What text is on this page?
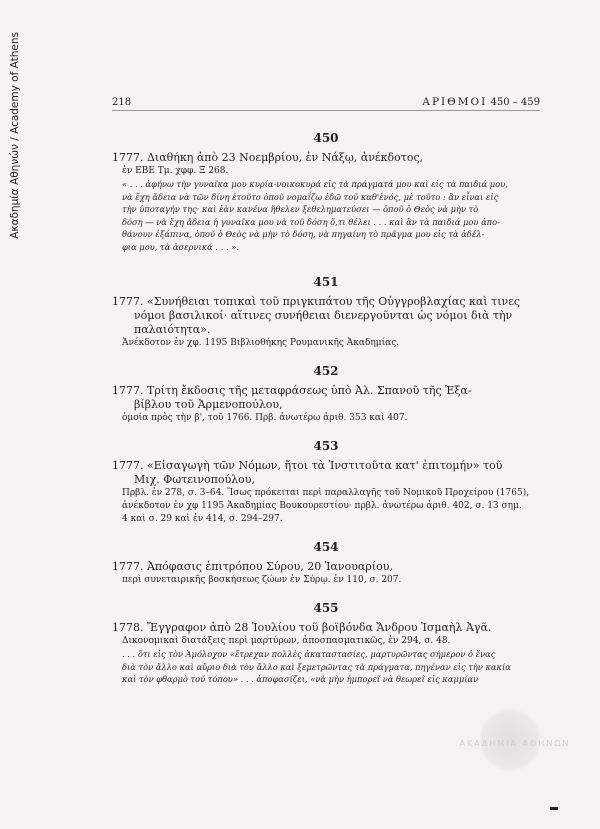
Ακαδημία Αθηνών / Academy of Athens	218	ΑΡΙΘΜΟΙ 450 – 459
450

1777. Διαθήκη ἀπὸ 23 Νοεμβρίου, ἐν Νάξῳ, ἀνέκδοτος,

ἐν ΕΒΕ Τμ. χφφ. Ξ 268.

« . . . ἀφήνω τὴν γυναῖκα μου κυρία-νοικοκυρά εἰς τὰ πράγματά μου καὶ εἰς τὰ παιδιά μου,

νὰ ἔχη ἄδεια νὰ τῶν δίνη ἐτοῦτο ὁποῦ νομαΐζω ἐδῶ τοῦ καθ'ἑνός, μὲ τοῦτο : ἂν εἶναι εἰς

τὴν ὑποταγήν της· καὶ ἐὰν κανένα ἤθελεν ξεθεληματεύσει — ὁποῦ ὁ Θεὸς νὰ μὴν τὸ

δόση — νὰ ἔχη ἄδεια ἡ γυναῖκα μου νὰ τοῦ δόση ὅ,τι θέλει . . . καὶ ἂν τὰ παιδιά μου ἀπο-

θάνουν ἐξάπινα, ὁποῦ ὁ Θεὸς νὰ μὴν τὸ δόση, νὰ πηγαίνη τὸ πρᾶγμα μου εἰς τὰ ἀδέλ-

φια μου, τὰ ἀσερνικά . . . ».

451

1777. «Συνήθειαι τοπικαὶ τοῦ πριγκιπάτου τῆς Οὐγγροβλαχίας καὶ τινες

νόμοι βασιλικοί· αἵτινες συνήθειαι διενεργοῦνται ὡς νόμοι διὰ τὴν

παλαιότητα».

Ἀνέκδοτον ἐν χφ. 1195 Βιβλιοθήκης Ρουμανικῆς Ἀκαδημίας.

452

1777. Τρίτη ἔκδοσις τῆς μεταφράσεως ὑπὸ Ἀλ. Σπανοῦ τῆς Ἑξα-

βίβλου τοῦ Ἀρμενοπούλου,

ὁμοία πρὸς τὴν β', τοῦ 1766. Πρβ. ἀνωτέρω ἀριθ. 353 καὶ 407.

453

1777. «Εἰσαγωγὴ τῶν Νόμων, ἤτοι τὰ Ἰνστιτοῦτα κατ' ἐπιτομήν» τοῦ

Μιχ. Φωτεινοπούλου,

Πρβλ. ἐν 278, σ. 3–64. Ἴσως πρόκειται περὶ παραλλαγῆς τοῦ Νομικοῦ Προχείρου (1765),

ἀνέκδοτον ἐν χφ 1195 Ἀκαδημίας Βουκουρεστίου· πρβλ. ἀνωτέρω ἀριθ. 402, σ. 13 σημ.

4 καὶ σ. 29 καὶ ἐν 414, σ. 294–297.

454

1777. Ἀπόφασις ἐπιτρόπου Σύρου, 20 Ἰανουαρίου,

περὶ συνεταιρικῆς βοσκήσεως ζώων ἐν Σύρῳ. ἐν 110, σ. 207.

455

1778. Ἔγγραφον ἀπὸ 28 Ἰουλίου τοῦ βοϊβόνδα Ἄνδρου Ἰσμαὴλ Ἀγᾶ.

Δικονομικαὶ διατάξεις περὶ μαρτύρων, ἀποσπασματικῶς, ἐν 294, σ. 48.

. . . ὅτι εἰς τὸν Ἀμόλοχον «ἔτρεχαν πολλὲς ἀκαταστασίες, μαρτυρῶντας σήμερον ὁ ἕνας

διὰ τὸν ἄλλο καὶ αὔριο διὰ τὸν ἄλλο καὶ ξεμετρῶντας τὰ πράγματα, πηγέναν εἰς τὴν κακία

καὶ τὸν φθαρμὸ τοῦ τόπου» . . . ἀποφασίζει, «νὰ μὴν ἠμπορεῖ νὰ θεωρεῖ εἰς καμμίαν

ΑΚΑΔΗΜΙΑ ΑΘΗΝΩΝ
